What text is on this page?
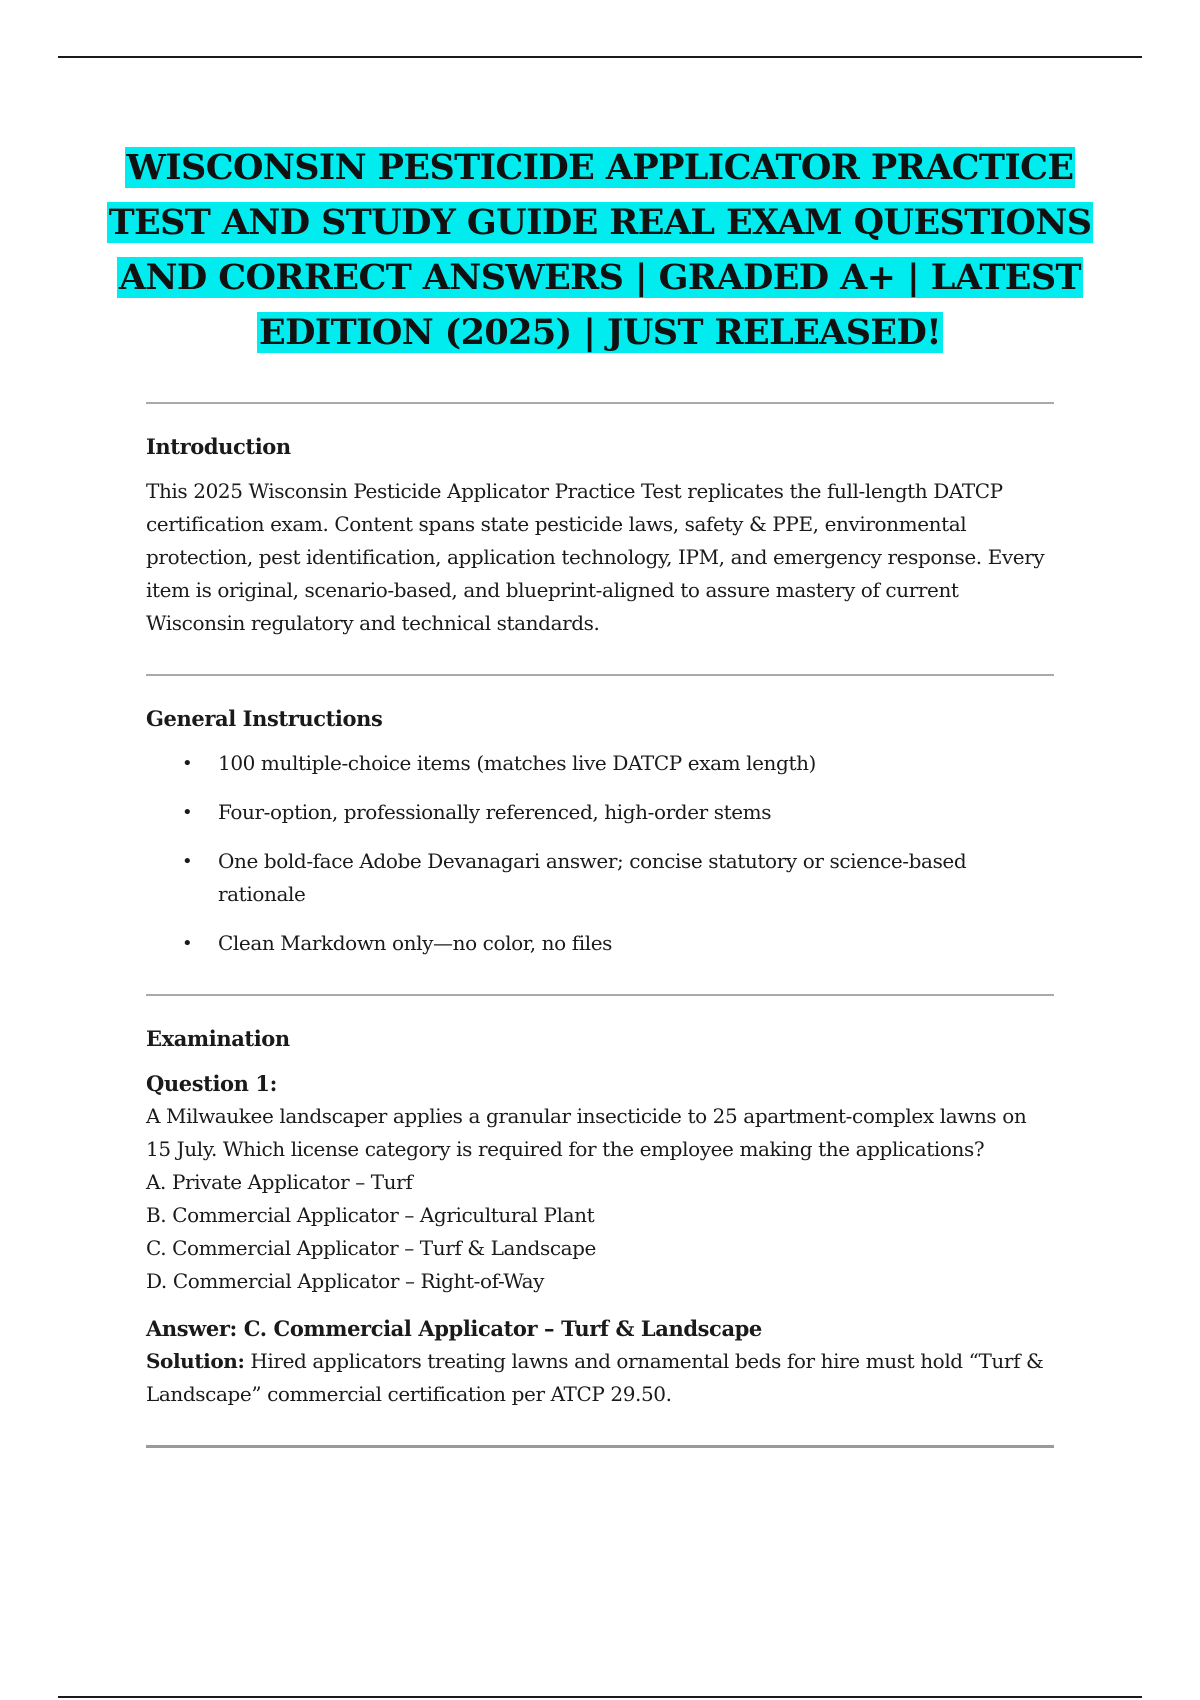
WISCONSIN PESTICIDE APPLICATOR PRACTICE
TEST AND STUDY GUIDE REAL EXAM QUESTIONS
AND CORRECT ANSWERS | GRADED A+ | LATEST
EDITION (2025) | JUST RELEASED!
Introduction

This 2025 Wisconsin Pesticide Applicator Practice Test replicates the full-length DATCP certification exam. Content spans state pesticide laws, safety & PPE, environmental protection, pest identification, application technology, IPM, and emergency response. Every item is original, scenario-based, and blueprint-aligned to assure mastery of current Wisconsin regulatory and technical standards.

General Instructions
• 100 multiple-choice items (matches live DATCP exam length)
• Four-option, professionally referenced, high-order stems
• One bold-face Adobe Devanagari answer; concise statutory or science-based rationale
• Clean Markdown only—no color, no files
Examination
Question 1:

A Milwaukee landscaper applies a granular insecticide to 25 apartment-complex lawns on 15 July. Which license category is required for the employee making the applications?

A. Private Applicator – Turf
B. Commercial Applicator – Agricultural Plant
C. Commercial Applicator – Turf & Landscape
D. Commercial Applicator – Right-of-Way
Answer: C. Commercial Applicator – Turf & Landscape

Solution: Hired applicators treating lawns and ornamental beds for hire must hold “Turf & Landscape” commercial certification per ATCP 29.50.
